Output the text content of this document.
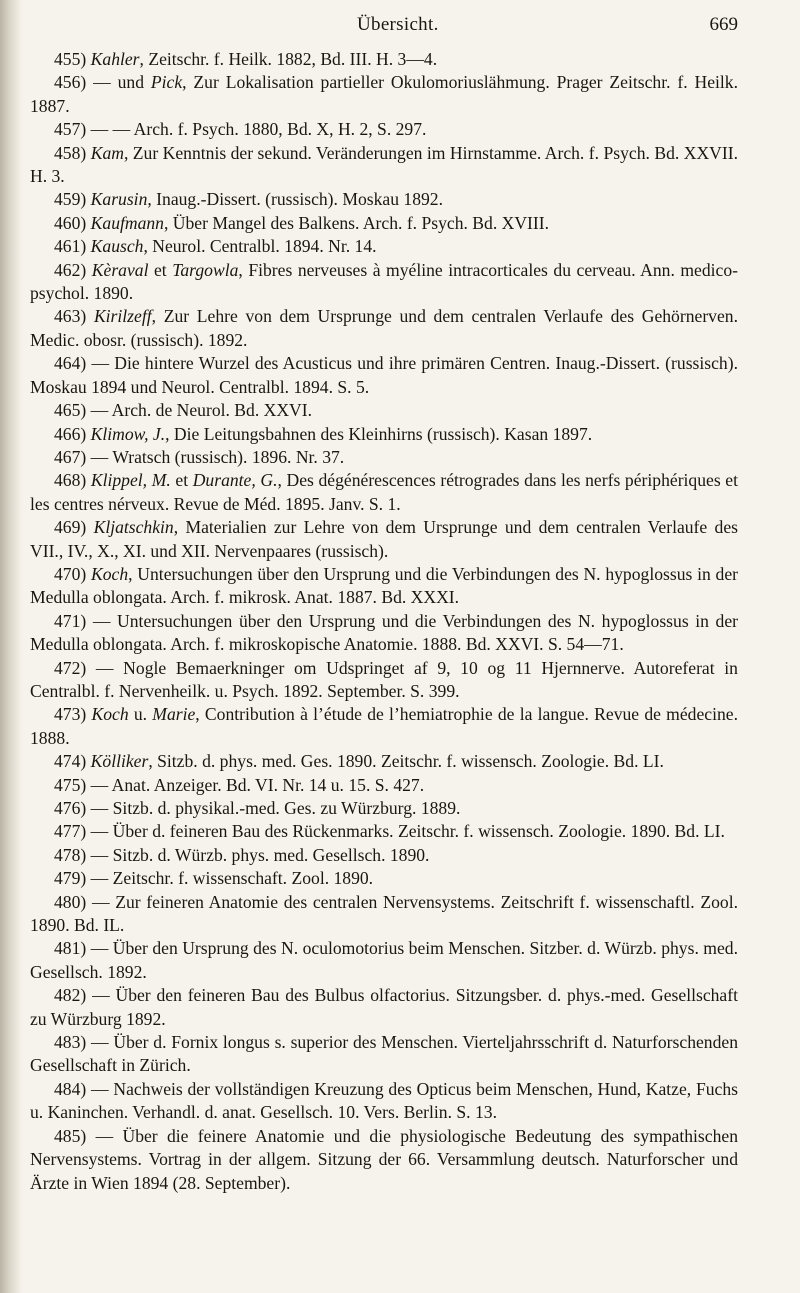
Übersicht.	669

455) Kahler, Zeitschr. f. Heilk. 1882, Bd. III. H. 3—4.

456) — und Pick, Zur Lokalisation partieller Okulomoriuslähmung. Prager Zeitschr. f. Heilk. 1887.

457) — — Arch. f. Psych. 1880, Bd. X, H. 2, S. 297.

458) Kam, Zur Kenntnis der sekund. Veränderungen im Hirnstamme. Arch. f. Psych. Bd. XXVII. H. 3.

459) Karusin, Inaug.-Dissert. (russisch). Moskau 1892.

460) Kaufmann, Über Mangel des Balkens. Arch. f. Psych. Bd. XVIII.

461) Kausch, Neurol. Centralbl. 1894. Nr. 14.

462) Kèraval et Targowla, Fibres nerveuses à myéline intracorticales du cerveau. Ann. medico-psychol. 1890.

463) Kirilzeff, Zur Lehre von dem Ursprunge und dem centralen Verlaufe des Gehörnerven. Medic. obosr. (russisch). 1892.

464) — Die hintere Wurzel des Acusticus und ihre primären Centren. Inaug.-Dissert. (russisch). Moskau 1894 und Neurol. Centralbl. 1894. S. 5.

465) — Arch. de Neurol. Bd. XXVI.

466) Klimow, J., Die Leitungsbahnen des Kleinhirns (russisch). Kasan 1897.

467) — Wratsch (russisch). 1896. Nr. 37.

468) Klippel, M. et Durante, G., Des dégénérescences rétrogrades dans les nerfs périphériques et les centres nérveux. Revue de Méd. 1895. Janv. S. 1.

469) Kljatschkin, Materialien zur Lehre von dem Ursprunge und dem centralen Verlaufe des VII., IV., X., XI. und XII. Nervenpaares (russisch).

470) Koch, Untersuchungen über den Ursprung und die Verbindungen des N. hypoglossus in der Medulla oblongata. Arch. f. mikrosk. Anat. 1887. Bd. XXXI.

471) — Untersuchungen über den Ursprung und die Verbindungen des N. hypoglossus in der Medulla oblongata. Arch. f. mikroskopische Anatomie. 1888. Bd. XXVI. S. 54—71.

472) — Nogle Bemaerkninger om Udspringet af 9, 10 og 11 Hjernnerve. Autoreferat in Centralbl. f. Nervenheilk. u. Psych. 1892. September. S. 399.

473) Koch u. Marie, Contribution à l’étude de l’hemiatrophie de la langue. Revue de médecine. 1888.

474) Kölliker, Sitzb. d. phys. med. Ges. 1890. Zeitschr. f. wissensch. Zoologie. Bd. LI.

475) — Anat. Anzeiger. Bd. VI. Nr. 14 u. 15. S. 427.

476) — Sitzb. d. physikal.-med. Ges. zu Würzburg. 1889.

477) — Über d. feineren Bau des Rückenmarks. Zeitschr. f. wissensch. Zoologie. 1890. Bd. LI.

478) — Sitzb. d. Würzb. phys. med. Gesellsch. 1890.

479) — Zeitschr. f. wissenschaft. Zool. 1890.

480) — Zur feineren Anatomie des centralen Nervensystems. Zeitschrift f. wissenschaftl. Zool. 1890. Bd. IL.

481) — Über den Ursprung des N. oculomotorius beim Menschen. Sitzber. d. Würzb. phys. med. Gesellsch. 1892.

482) — Über den feineren Bau des Bulbus olfactorius. Sitzungsber. d. phys.-med. Gesellschaft zu Würzburg 1892.

483) — Über d. Fornix longus s. superior des Menschen. Vierteljahrsschrift d. Naturforschenden Gesellschaft in Zürich.

484) — Nachweis der vollständigen Kreuzung des Opticus beim Menschen, Hund, Katze, Fuchs u. Kaninchen. Verhandl. d. anat. Gesellsch. 10. Vers. Berlin. S. 13.

485) — Über die feinere Anatomie und die physiologische Bedeutung des sympathischen Nervensystems. Vortrag in der allgem. Sitzung der 66. Versammlung deutsch. Naturforscher und Ärzte in Wien 1894 (28. September).
